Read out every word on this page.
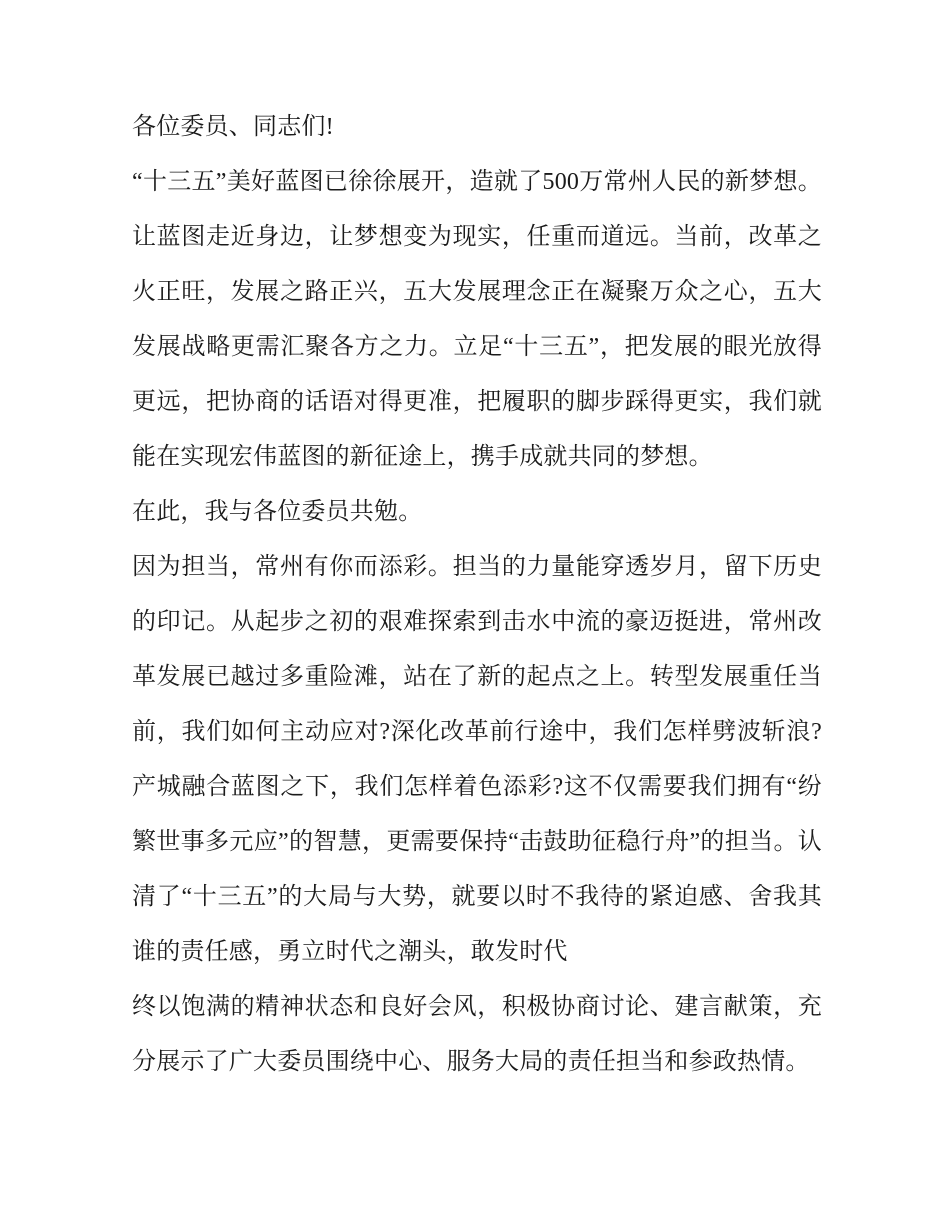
各位委员、同志们!

“十三五”美好蓝图已徐徐展开，造就了500万常州人民的新梦想。让蓝图走近身边，让梦想变为现实，任重而道远。当前，改革之火正旺，发展之路正兴，五大发展理念正在凝聚万众之心，五大发展战略更需汇聚各方之力。立足“十三五”，把发展的眼光放得更远，把协商的话语对得更准，把履职的脚步踩得更实，我们就能在实现宏伟蓝图的新征途上，携手成就共同的梦想。

在此，我与各位委员共勉。

因为担当，常州有你而添彩。担当的力量能穿透岁月，留下历史的印记。从起步之初的艰难探索到击水中流的豪迈挺进，常州改革发展已越过多重险滩，站在了新的起点之上。转型发展重任当前，我们如何主动应对?深化改革前行途中，我们怎样劈波斩浪?产城融合蓝图之下，我们怎样着色添彩?这不仅需要我们拥有“纷繁世事多元应”的智慧，更需要保持“击鼓助征稳行舟”的担当。认清了“十三五”的大局与大势，就要以时不我待的紧迫感、舍我其谁的责任感，勇立时代之潮头，敢发时代

终以饱满的精神状态和良好会风，积极协商讨论、建言献策，充分展示了广大委员围绕中心、服务大局的责任担当和参政热情。
